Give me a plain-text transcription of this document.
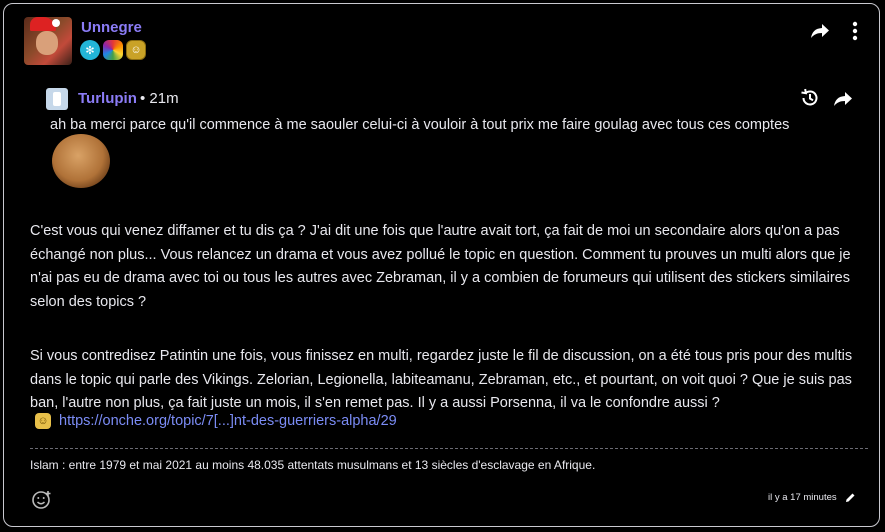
Unnegre
✻	☺
Turlupin • 21m
ah ba merci parce qu'il commence à me saouler celui-ci à vouloir à tout prix me faire goulag avec tous ces comptes

C'est vous qui venez diffamer et tu dis ça ? J'ai dit une fois que l'autre avait tort, ça fait de moi un secondaire alors qu'on a pas échangé non plus... Vous relancez un drama et vous avez pollué le topic en question. Comment tu prouves un multi alors que je n'ai pas eu de drama avec toi ou tous les autres avec Zebraman, il y a combien de forumeurs qui utilisent des stickers similaires selon des topics ?

Si vous contredisez Patintin une fois, vous finissez en multi, regardez juste le fil de discussion, on a été tous pris pour des multis dans le topic qui parle des Vikings. Zelorian, Legionella, labiteamanu, Zebraman, etc., et pourtant, on voit quoi ? Que je suis pas ban, l'autre non plus, ça fait juste un mois, il s'en remet pas. Il y a aussi Porsenna, il va le confondre aussi ?

☺ https://onche.org/topic/7[...]nt-des-guerriers-alpha/29
Islam : entre 1979 et mai 2021 au moins 48.035 attentats musulmans et 13 siècles d'esclavage en Afrique.
il y a 17 minutes
